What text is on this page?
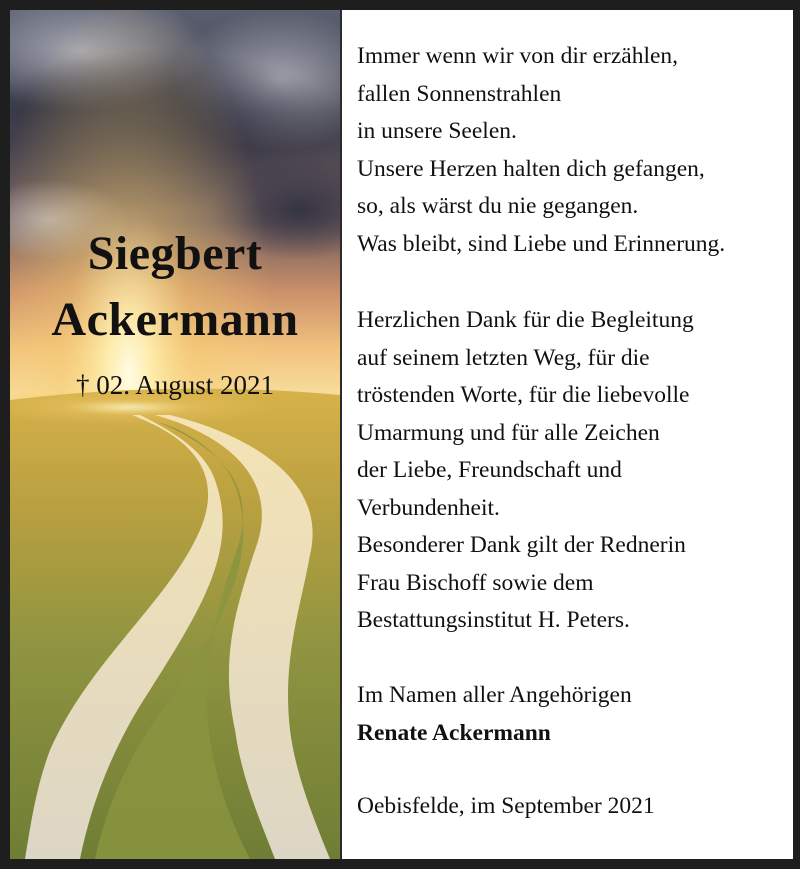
Siegbert
Ackermann
† 02. August 2021
Immer wenn wir von dir erzählen,
fallen Sonnenstrahlen
in unsere Seelen.
Unsere Herzen halten dich gefangen,
so, als wärst du nie gegangen.
Was bleibt, sind Liebe und Erinnerung.
Herzlichen Dank für die Begleitung
auf seinem letzten Weg, für die
tröstenden Worte, für die liebevolle
Umarmung und für alle Zeichen
der Liebe, Freundschaft und
Verbundenheit.
Besonderer Dank gilt der Rednerin
Frau Bischoff sowie dem
Bestattungsinstitut H. Peters.
Im Namen aller Angehörigen
Renate Ackermann
Oebisfelde, im September 2021
